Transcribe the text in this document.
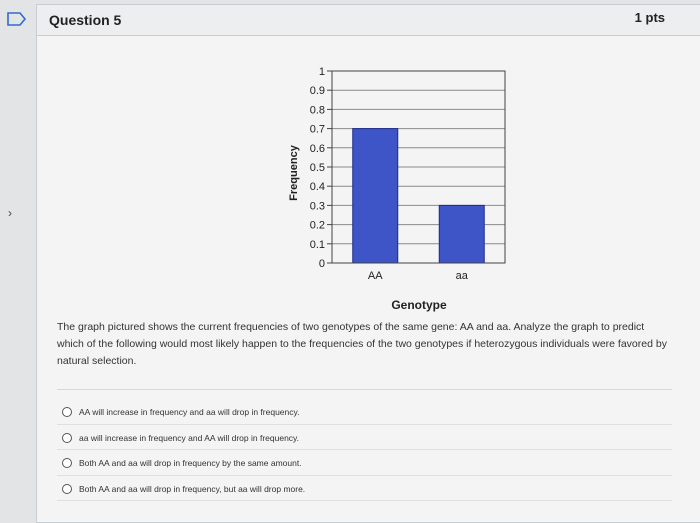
›
Question 5	1 pts
0
0.1
0.2
0.3
0.4
0.5
0.6
0.7
0.8
0.9
1
AA	aa
Genotype
Frequency
The graph pictured shows the current frequencies of two genotypes of the same gene: AA and aa. Analyze the graph to predict which of the following would most likely happen to the frequencies of the two genotypes if heterozygous individuals were favored by natural selection.
AA will increase in frequency and aa will drop in frequency.
aa will increase in frequency and AA will drop in frequency.
Both AA and aa will drop in frequency by the same amount.
Both AA and aa will drop in frequency, but aa will drop more.
